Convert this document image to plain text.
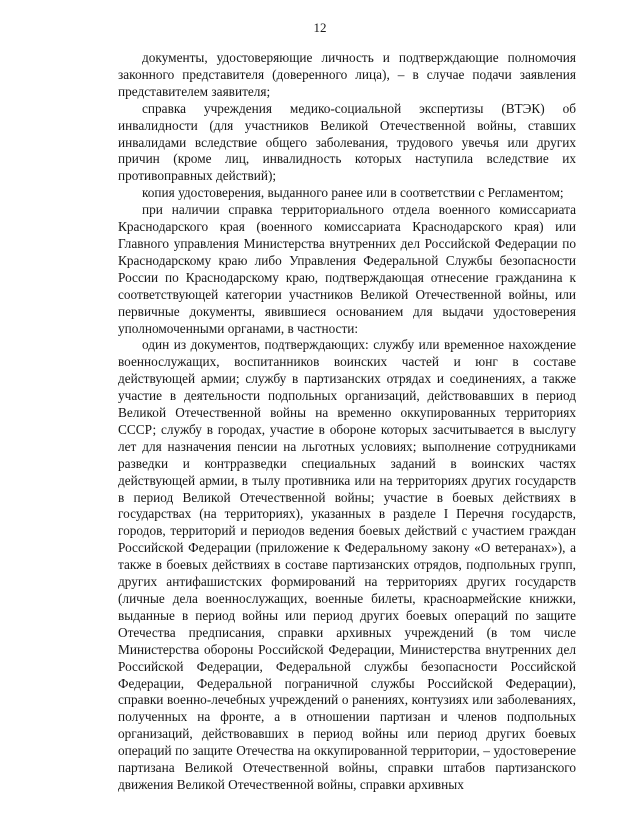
12

документы, удостоверяющие личность и подтверждающие полномочия законного представителя (доверенного лица), – в случае подачи заявления представителем заявителя;

справка учреждения медико-социальной экспертизы (ВТЭК) об инвалидности (для участников Великой Отечественной войны, ставших инвалидами вследствие общего заболевания, трудового увечья или других причин (кроме лиц, инвалидность которых наступила вследствие их противоправных действий);

копия удостоверения, выданного ранее или в соответствии с Регламентом;

при наличии справка территориального отдела военного комиссариата Краснодарского края (военного комиссариата Краснодарского края) или Главного управления Министерства внутренних дел Российской Федерации по Краснодарскому краю либо Управления Федеральной Службы безопасности России по Краснодарскому краю, подтверждающая отнесение гражданина к соответствующей категории участников Великой Отечественной войны, или первичные документы, явившиеся основанием для выдачи удостоверения уполномоченными органами, в частности:

один из документов, подтверждающих: службу или временное нахождение военнослужащих, воспитанников воинских частей и юнг в составе действующей армии; службу в партизанских отрядах и соединениях, а также участие в деятельности подпольных организаций, действовавших в период Великой Отечественной войны на временно оккупированных территориях СССР; службу в городах, участие в обороне которых засчитывается в выслугу лет для назначения пенсии на льготных условиях; выполнение сотрудниками разведки и контрразведки специальных заданий в воинских частях действующей армии, в тылу противника или на территориях других государств в период Великой Отечественной войны; участие в боевых действиях в государствах (на территориях), указанных в разделе I Перечня государств, городов, территорий и периодов ведения боевых действий с участием граждан Российской Федерации (приложение к Федеральному закону «О ветеранах»), а также в боевых действиях в составе партизанских отрядов, подпольных групп, других антифашистских формирований на территориях других государств (личные дела военнослужащих, военные билеты, красноармейские книжки, выданные в период войны или период других боевых операций по защите Отечества предписания, справки архивных учреждений (в том числе Министерства обороны Российской Федерации, Министерства внутренних дел Российской Федерации, Федеральной службы безопасности Российской Федерации, Федеральной пограничной службы Российской Федерации), справки военно-лечебных учреждений о ранениях, контузиях или заболеваниях, полученных на фронте, а в отношении партизан и членов подпольных организаций, действовавших в период войны или период других боевых операций по защите Отечества на оккупированной территории, – удостоверение партизана Великой Отечественной войны, справки штабов партизанского движения Великой Отечественной войны, справки архивных
